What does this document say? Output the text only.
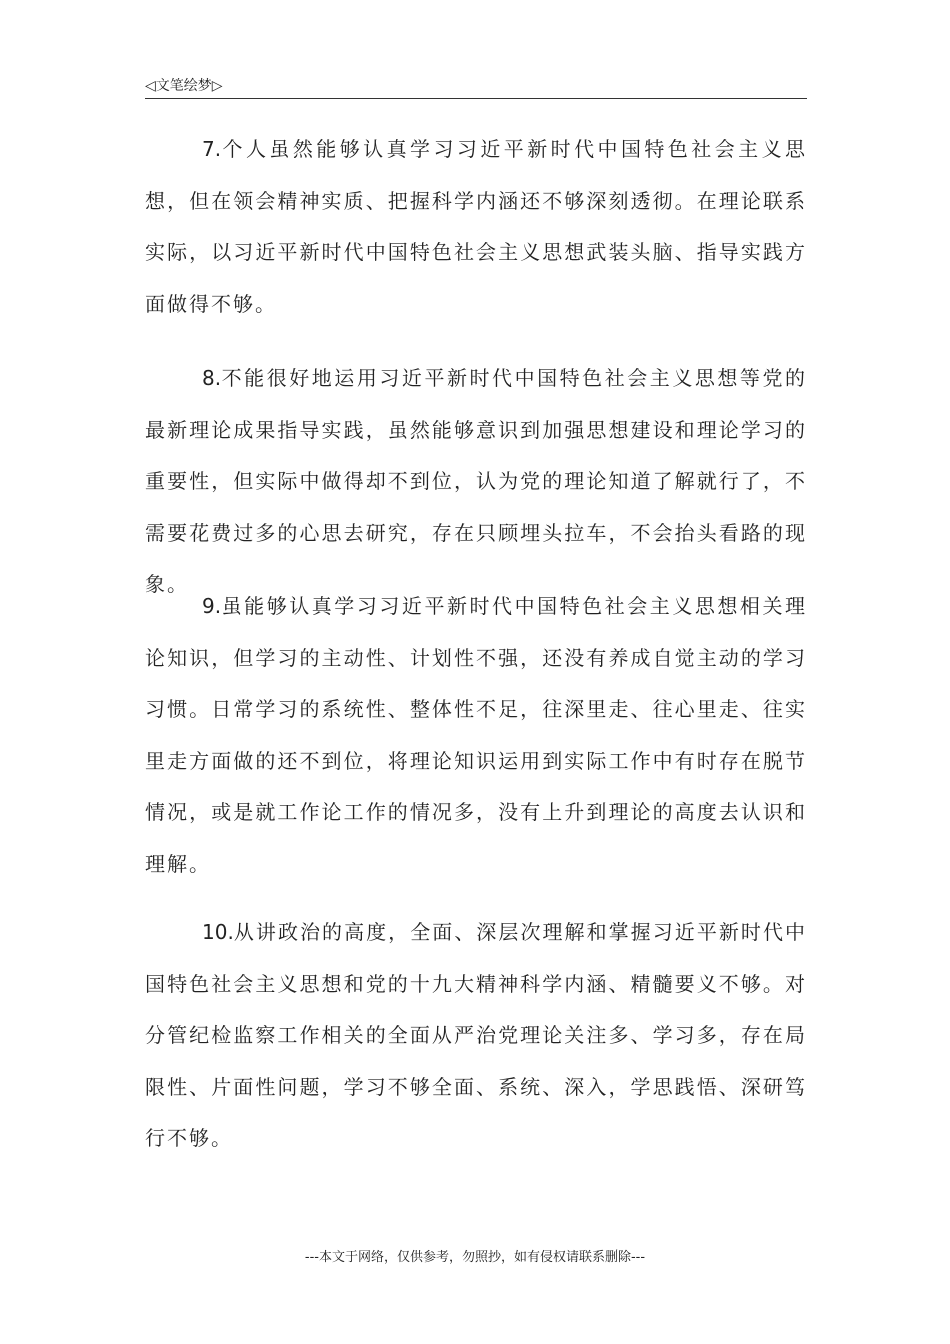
◁文笔绘梦▷

7.个人虽然能够认真学习习近平新时代中国特色社会主义思想，但在领会精神实质、把握科学内涵还不够深刻透彻。在理论联系实际，以习近平新时代中国特色社会主义思想武装头脑、指导实践方面做得不够。

8.不能很好地运用习近平新时代中国特色社会主义思想等党的最新理论成果指导实践，虽然能够意识到加强思想建设和理论学习的重要性，但实际中做得却不到位，认为党的理论知道了解就行了，不需要花费过多的心思去研究，存在只顾埋头拉车，不会抬头看路的现象。

9.虽能够认真学习习近平新时代中国特色社会主义思想相关理论知识，但学习的主动性、计划性不强，还没有养成自觉主动的学习习惯。日常学习的系统性、整体性不足，往深里走、往心里走、往实里走方面做的还不到位，将理论知识运用到实际工作中有时存在脱节情况，或是就工作论工作的情况多，没有上升到理论的高度去认识和理解。

10.从讲政治的高度，全面、深层次理解和掌握习近平新时代中国特色社会主义思想和党的十九大精神科学内涵、精髓要义不够。对分管纪检监察工作相关的全面从严治党理论关注多、学习多，存在局限性、片面性问题，学习不够全面、系统、深入，学思践悟、深研笃行不够。

---本文于网络，仅供参考，勿照抄，如有侵权请联系删除---
